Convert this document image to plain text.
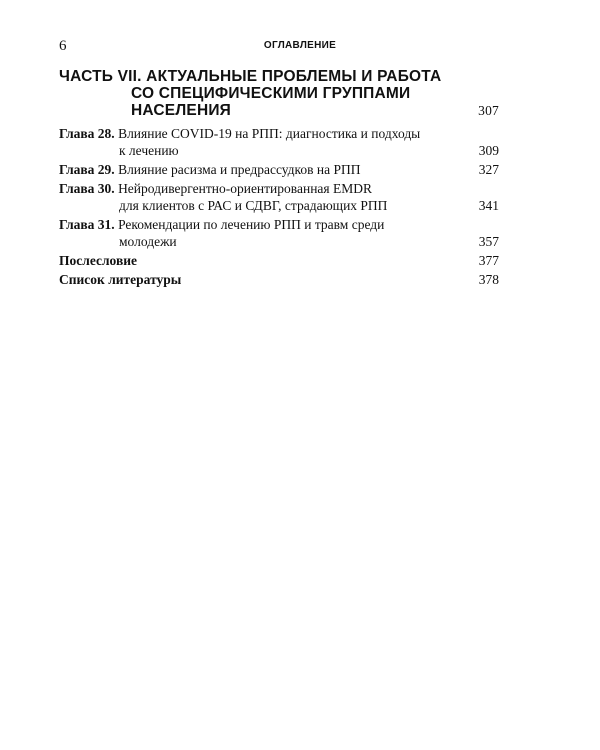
6	ОГЛАВЛЕНИЕ
ЧАСТЬ VII. АКТУАЛЬНЫЕ ПРОБЛЕМЫ И РАБОТА
СО СПЕЦИФИЧЕСКИМИ ГРУППАМИ
НАСЕЛЕНИЯ	307
Глава 28. Влияние COVID-19 на РПП: диагностика и подходы
к лечению	309
Глава 29. Влияние расизма и предрассудков на РПП	327
Глава 30. Нейродивергентно-ориентированная EMDR
для клиентов с РАС и СДВГ, страдающих РПП	341
Глава 31. Рекомендации по лечению РПП и травм среди
молодежи	357
Послесловие	377
Список литературы	378
